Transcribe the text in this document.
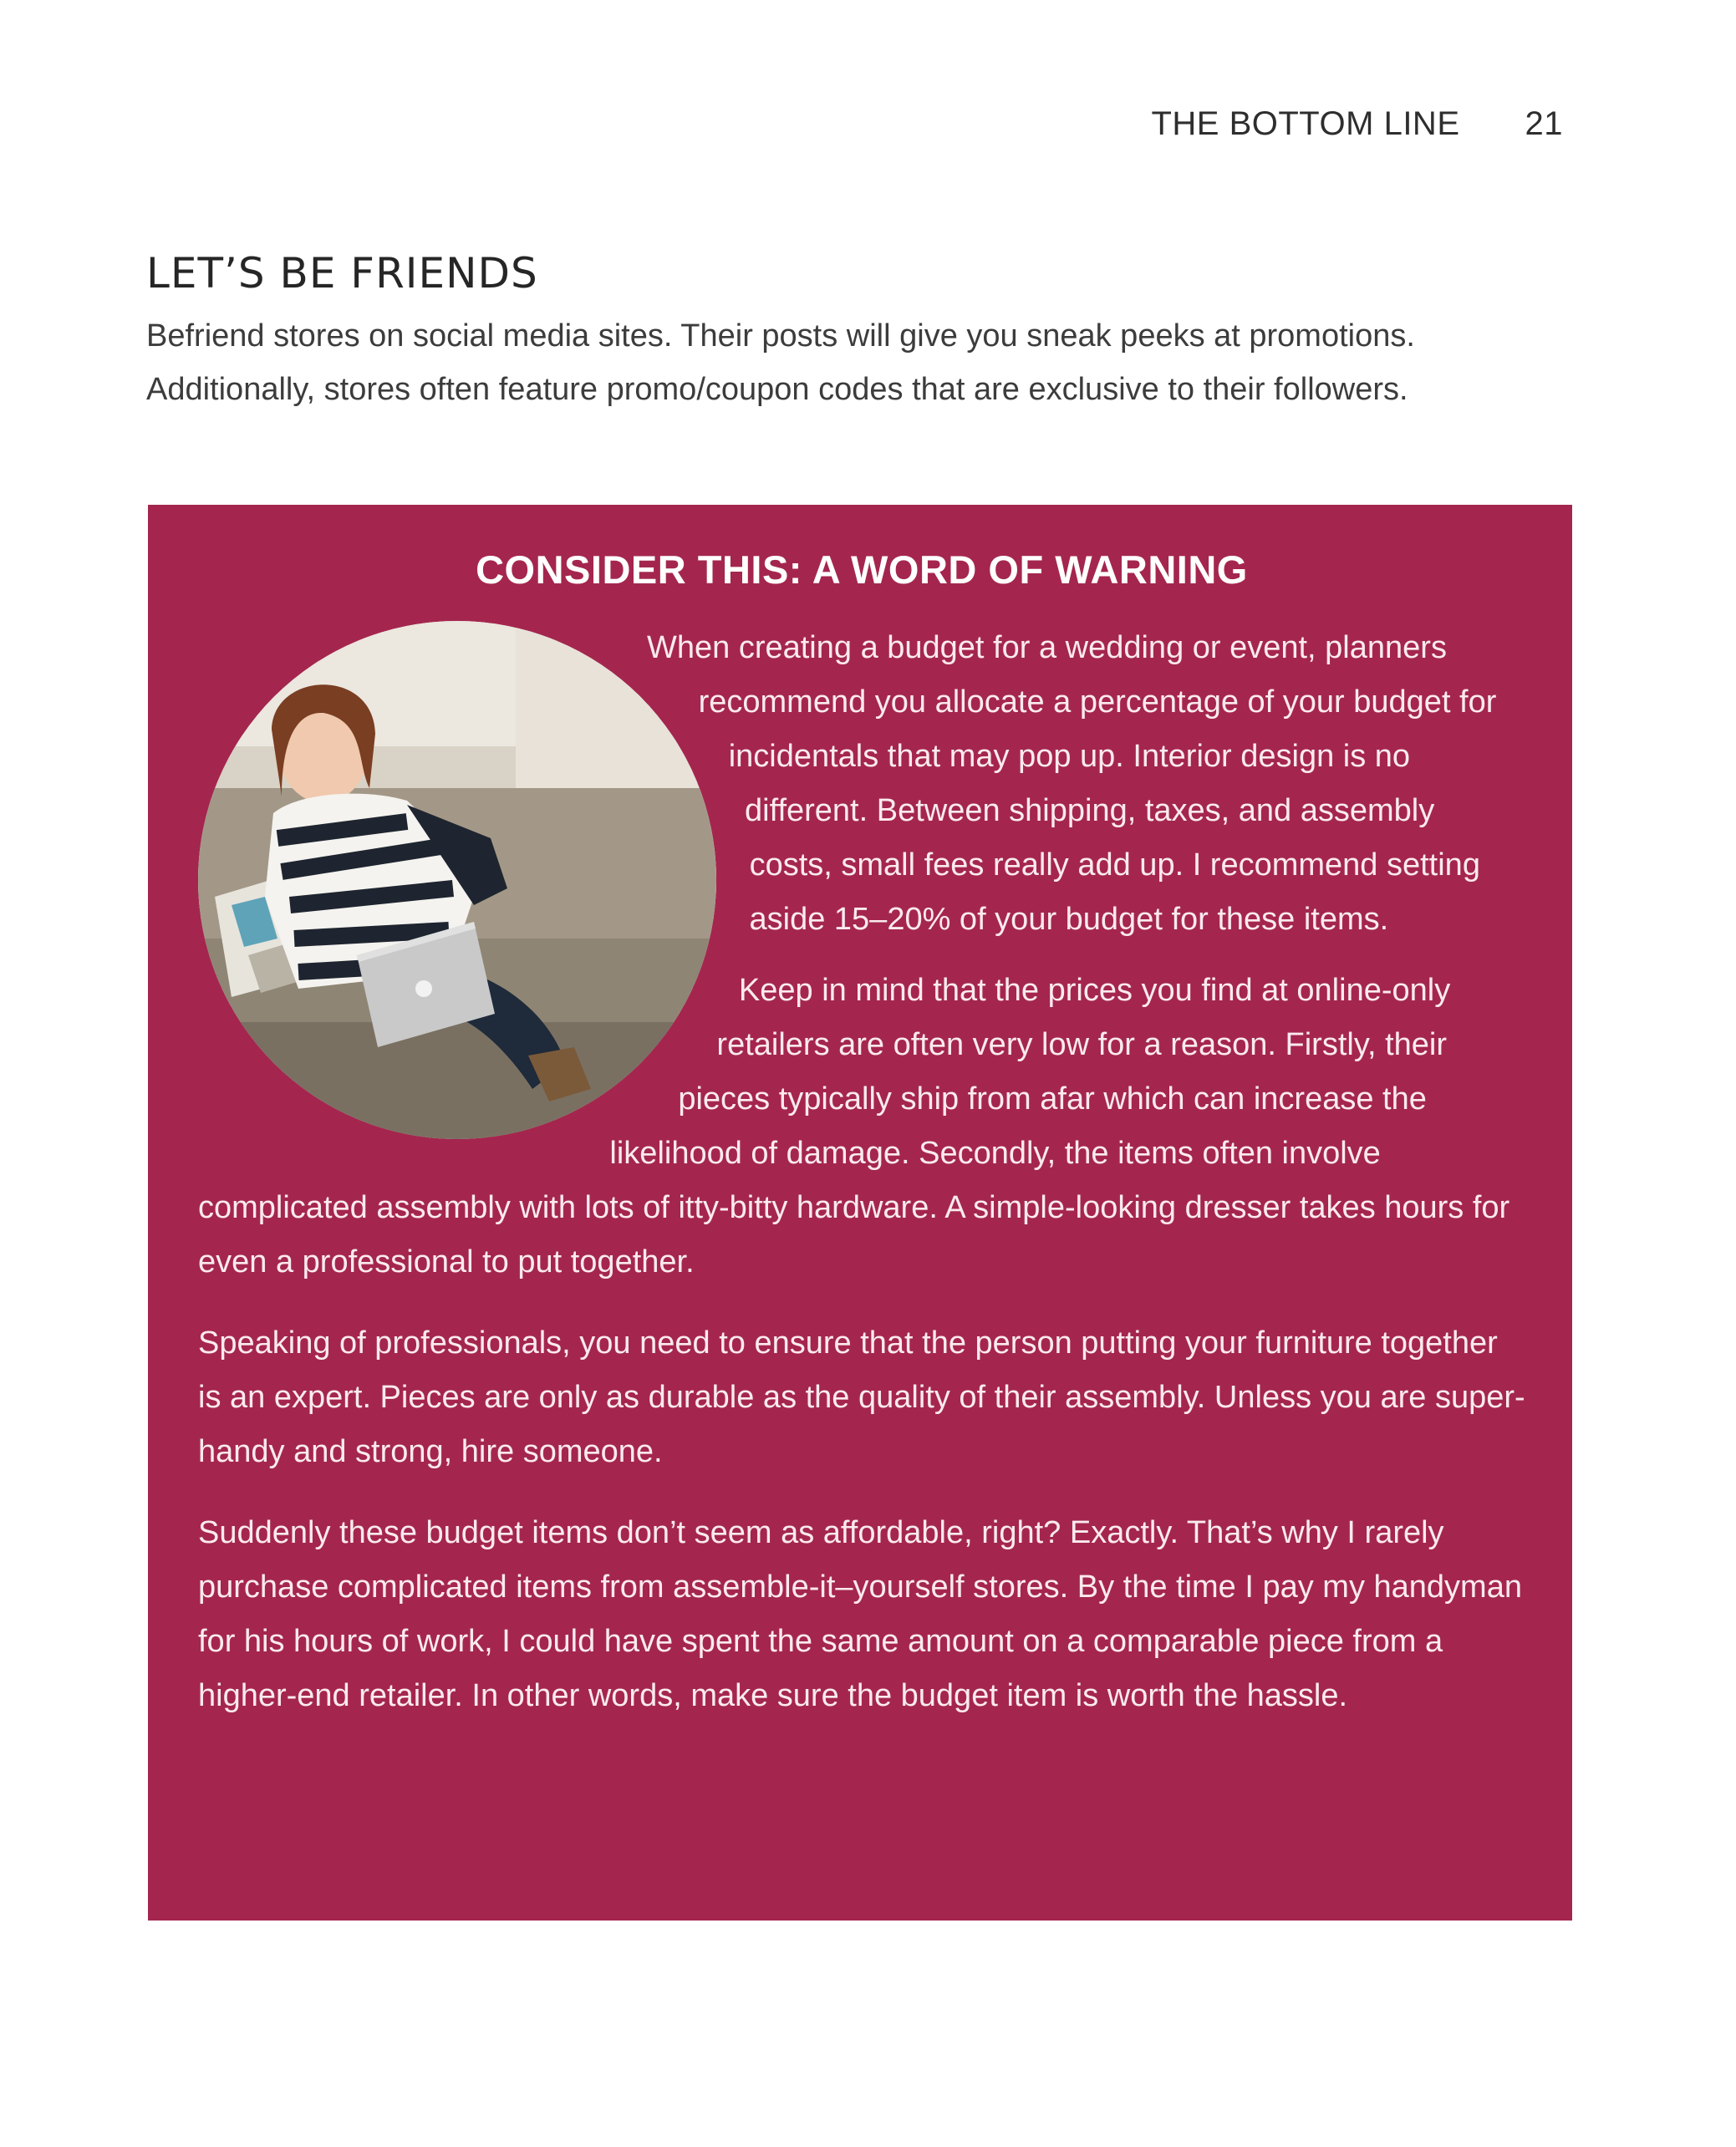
THE BOTTOM LINE 21
LET’S BE FRIENDS
Befriend stores on social media sites. Their posts will give you sneak peeks at promotions. Additionally, stores often feature promo/coupon codes that are exclusive to their followers.
CONSIDER THIS: A WORD OF WARNING

When creating a budget for a wedding or event, planners recommend you allocate a percentage of your budget for incidentals that may pop up. Interior design is no different. Between shipping, taxes, and assembly costs, small fees really add up. I recommend setting aside 15–20% of your budget for these items.

Keep in mind that the prices you find at online-only retailers are often very low for a reason. Firstly, their pieces typically ship from afar which can increase the likelihood of damage. Secondly, the items often involve complicated assembly with lots of itty-bitty hardware. A simple-looking dresser takes hours for even a professional to put together.

Speaking of professionals, you need to ensure that the person putting your furniture together is an expert. Pieces are only as durable as the quality of their assembly. Unless you are super-handy and strong, hire someone.

Suddenly these budget items don’t seem as affordable, right? Exactly. That’s why I rarely purchase complicated items from assemble-it–yourself stores. By the time I pay my handyman for his hours of work, I could have spent the same amount on a comparable piece from a higher-end retailer. In other words, make sure the budget item is worth the hassle.
